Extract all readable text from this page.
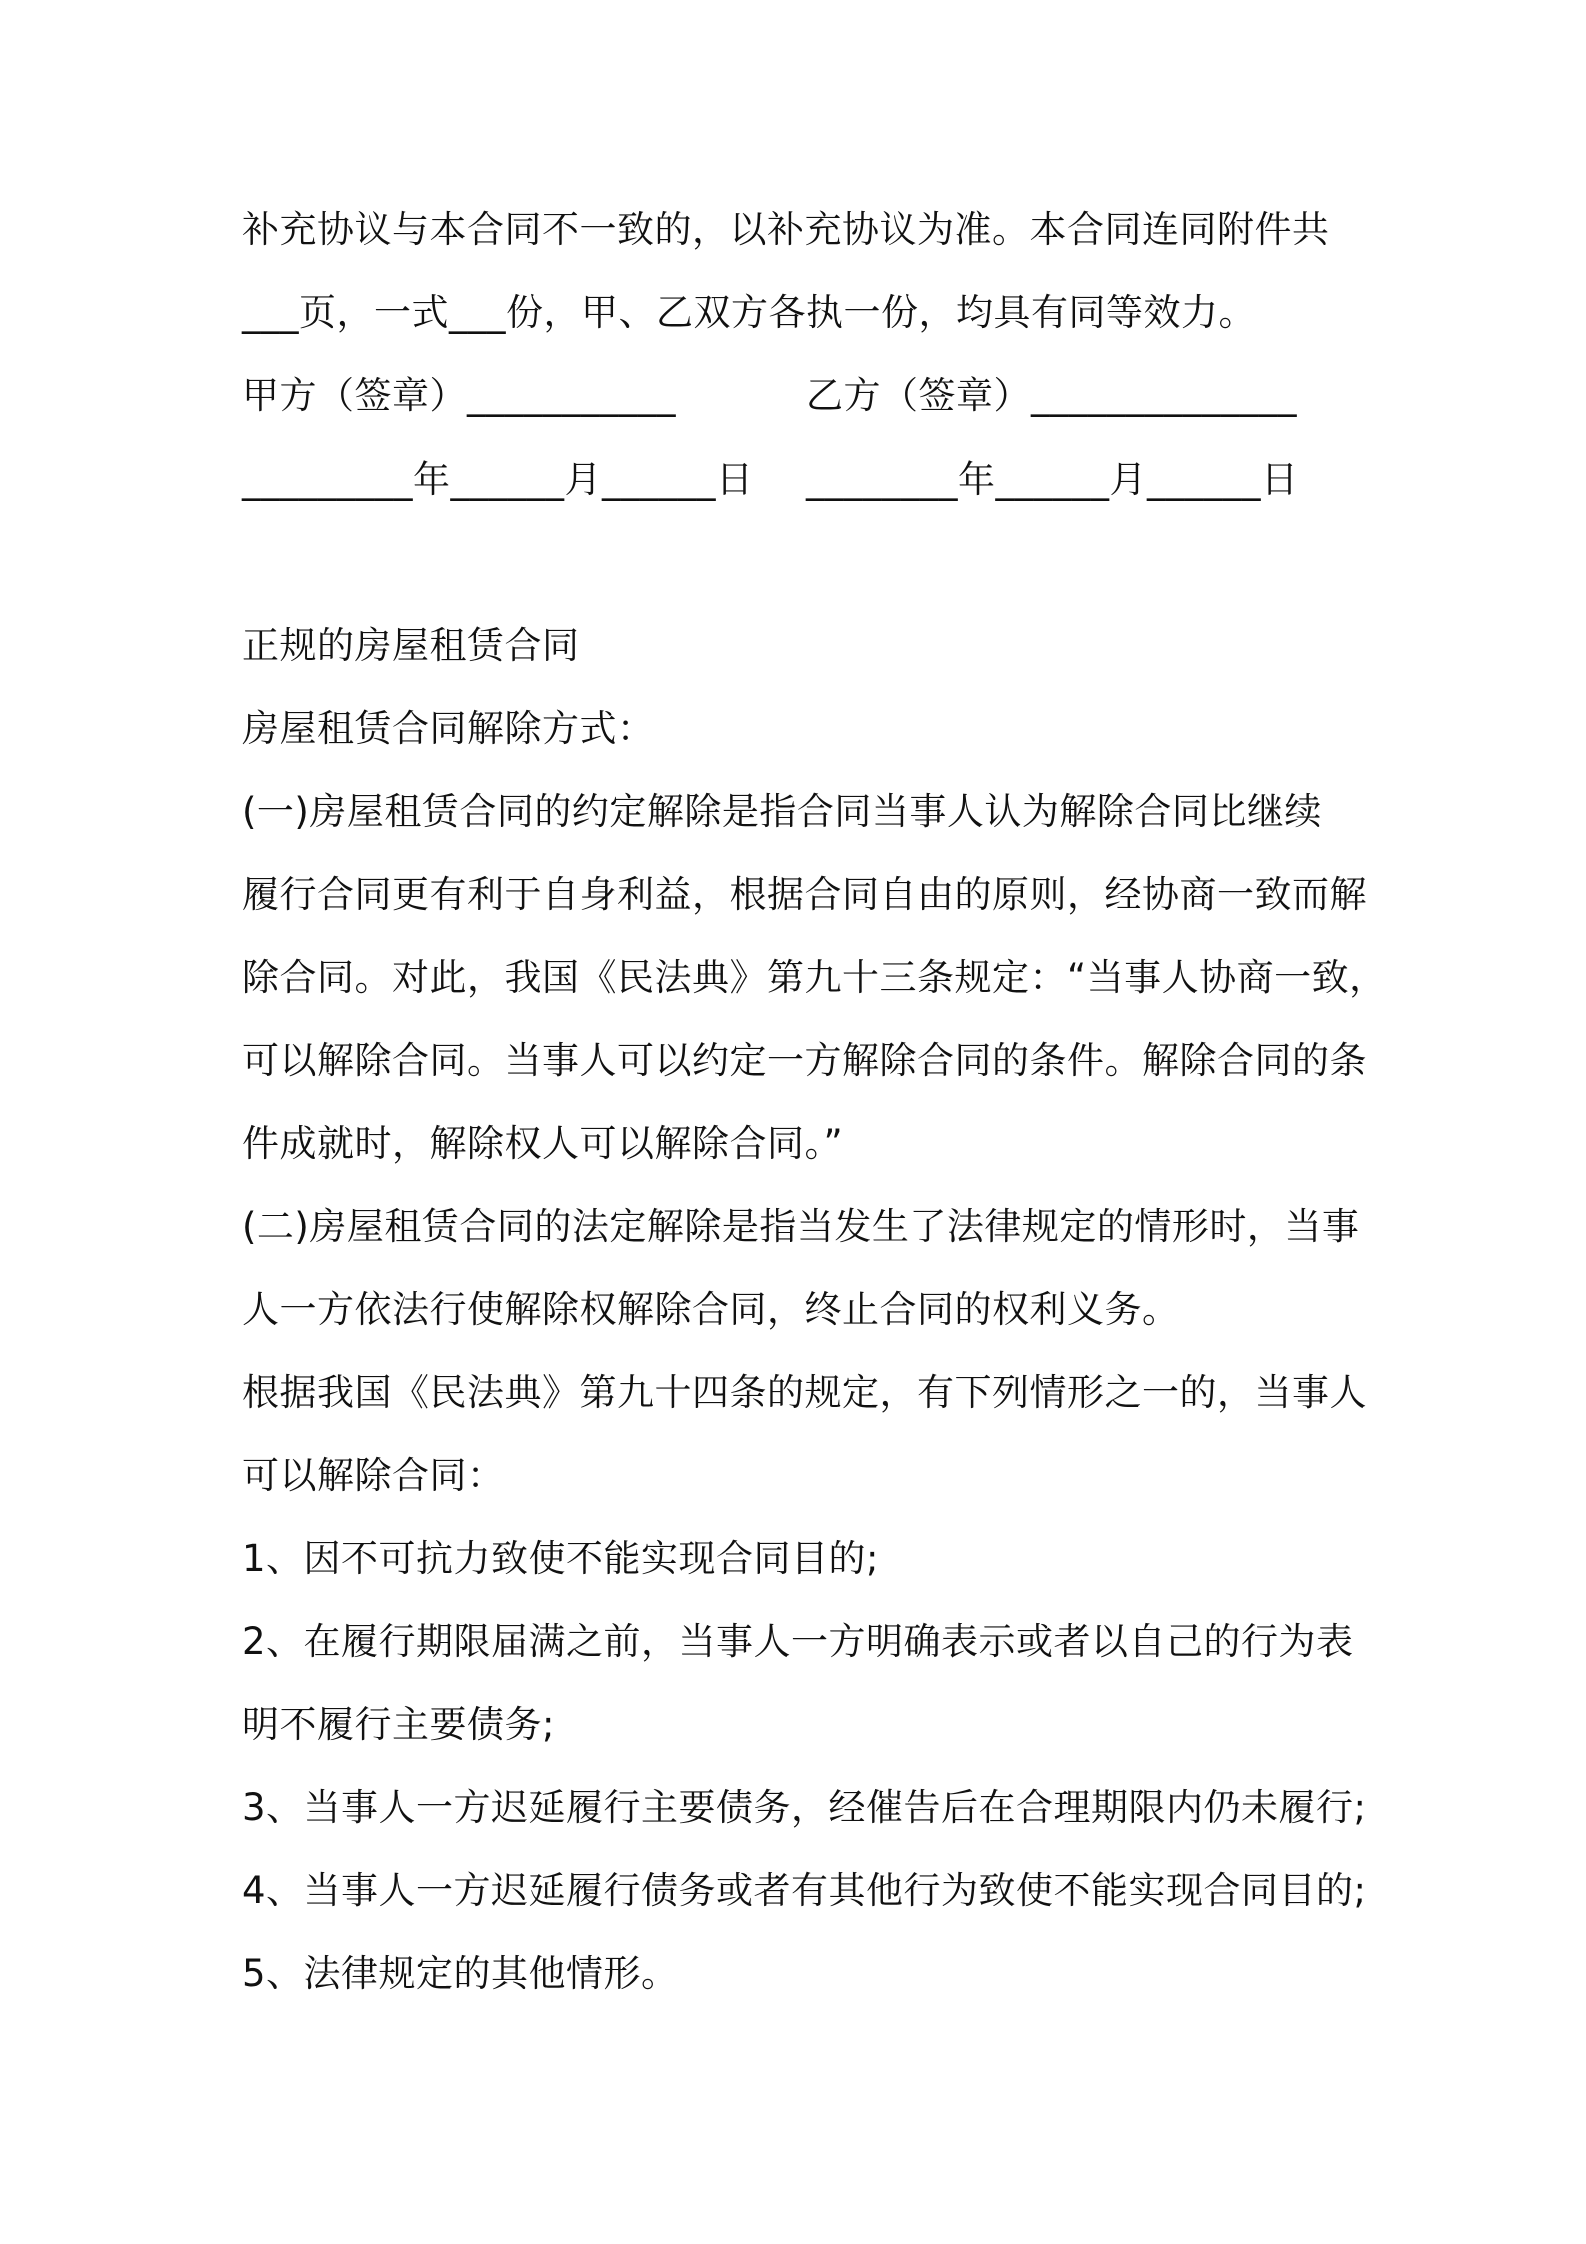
补充协议与本合同不一致的，以补充协议为准。本合同连同附件共
___页，一式___份，甲、乙双方各执一份，均具有同等效力。
甲方（签章）___________	乙方（签章）______________
_________年______月______日 ________年______月______日
正规的房屋租赁合同
房屋租赁合同解除方式：
(一)房屋租赁合同的约定解除是指合同当事人认为解除合同比继续
履行合同更有利于自身利益，根据合同自由的原则，经协商一致而解
除合同。对此，我国《民法典》第九十三条规定：“当事人协商一致，
可以解除合同。当事人可以约定一方解除合同的条件。解除合同的条
件成就时，解除权人可以解除合同。”
(二)房屋租赁合同的法定解除是指当发生了法律规定的情形时，当事
人一方依法行使解除权解除合同，终止合同的权利义务。
根据我国《民法典》第九十四条的规定，有下列情形之一的，当事人
可以解除合同：
1、因不可抗力致使不能实现合同目的;
2、在履行期限届满之前，当事人一方明确表示或者以自己的行为表
明不履行主要债务;
3、当事人一方迟延履行主要债务，经催告后在合理期限内仍未履行;
4、当事人一方迟延履行债务或者有其他行为致使不能实现合同目的;
5、法律规定的其他情形。
